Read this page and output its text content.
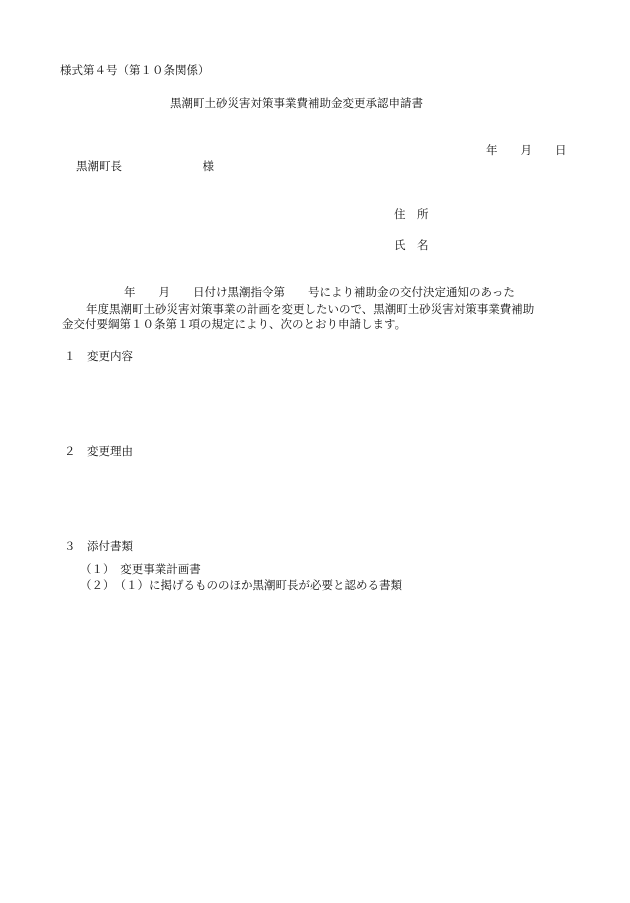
様式第４号（第１０条関係）
黒潮町土砂災害対策事業費補助金変更承認申請書
年　　月　　日
黒潮町長　　　　　　　様
住　所
氏　名
年　　月　　日付け黒潮指令第　　号により補助金の交付決定通知のあった
年度黒潮町土砂災害対策事業の計画を変更したいので、黒潮町土砂災害対策事業費補助
金交付要綱第１０条第１項の規定により、次のとおり申請します。
１　変更内容
２　変更理由
３　添付書類
（１）　変更事業計画書
（２）　（１）に掲げるもののほか黒潮町長が必要と認める書類
